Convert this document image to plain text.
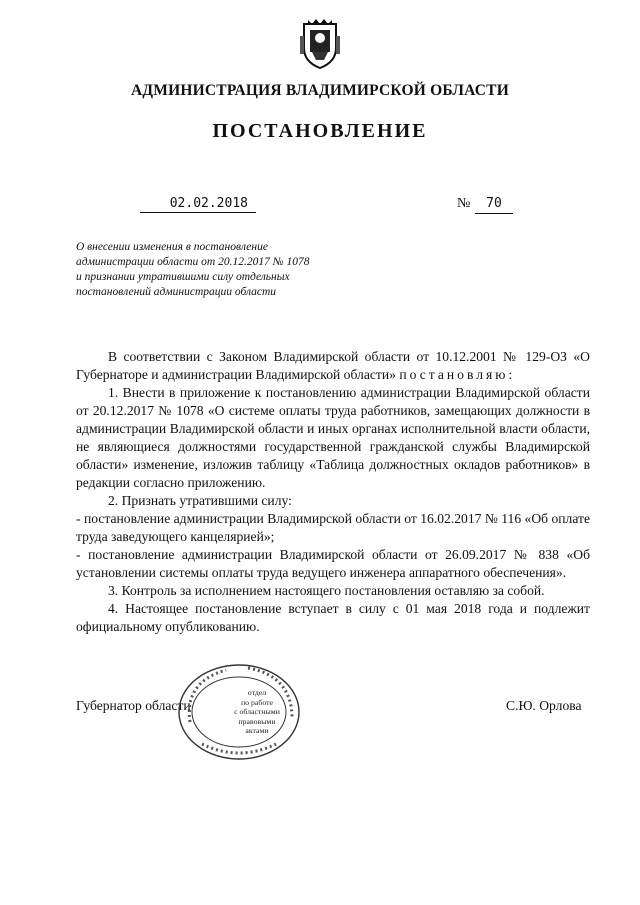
АДМИНИСТРАЦИЯ ВЛАДИМИРСКОЙ ОБЛАСТИ
ПОСТАНОВЛЕНИЕ
02.02.2018	№	70
О внесении изменения в постановление
администрации области от 20.12.2017 № 1078
и признании утратившими силу отдельных
постановлений администрации области

В соответствии с Законом Владимирской области от 10.12.2001 № 129-ОЗ «О Губернаторе и администрации Владимирской области» постановляю:

1. Внести в приложение к постановлению администрации Владимирской области от 20.12.2017 № 1078 «О системе оплаты труда работников, замещающих должности в администрации Владимирской области и иных органах исполнительной власти области, не являющиеся должностями государственной гражданской службы Владимирской области» изменение, изложив таблицу «Таблица должностных окладов работников» в редакции согласно приложению.

2. Признать утратившими силу:

- постановление администрации Владимирской области от 16.02.2017 № 116 «Об оплате труда заведующего канцелярией»;

- постановление администрации Владимирской области от 26.09.2017 № 838 «Об установлении системы оплаты труда ведущего инженера аппаратного обеспечения».

3. Контроль за исполнением настоящего постановления оставляю за собой.

4. Настоящее постановление вступает в силу с 01 мая 2018 года и подлежит официальному опубликованию.

Губернатор области	С.Ю. Орлова
отдел
по работе
с областными
правовыми
актами
